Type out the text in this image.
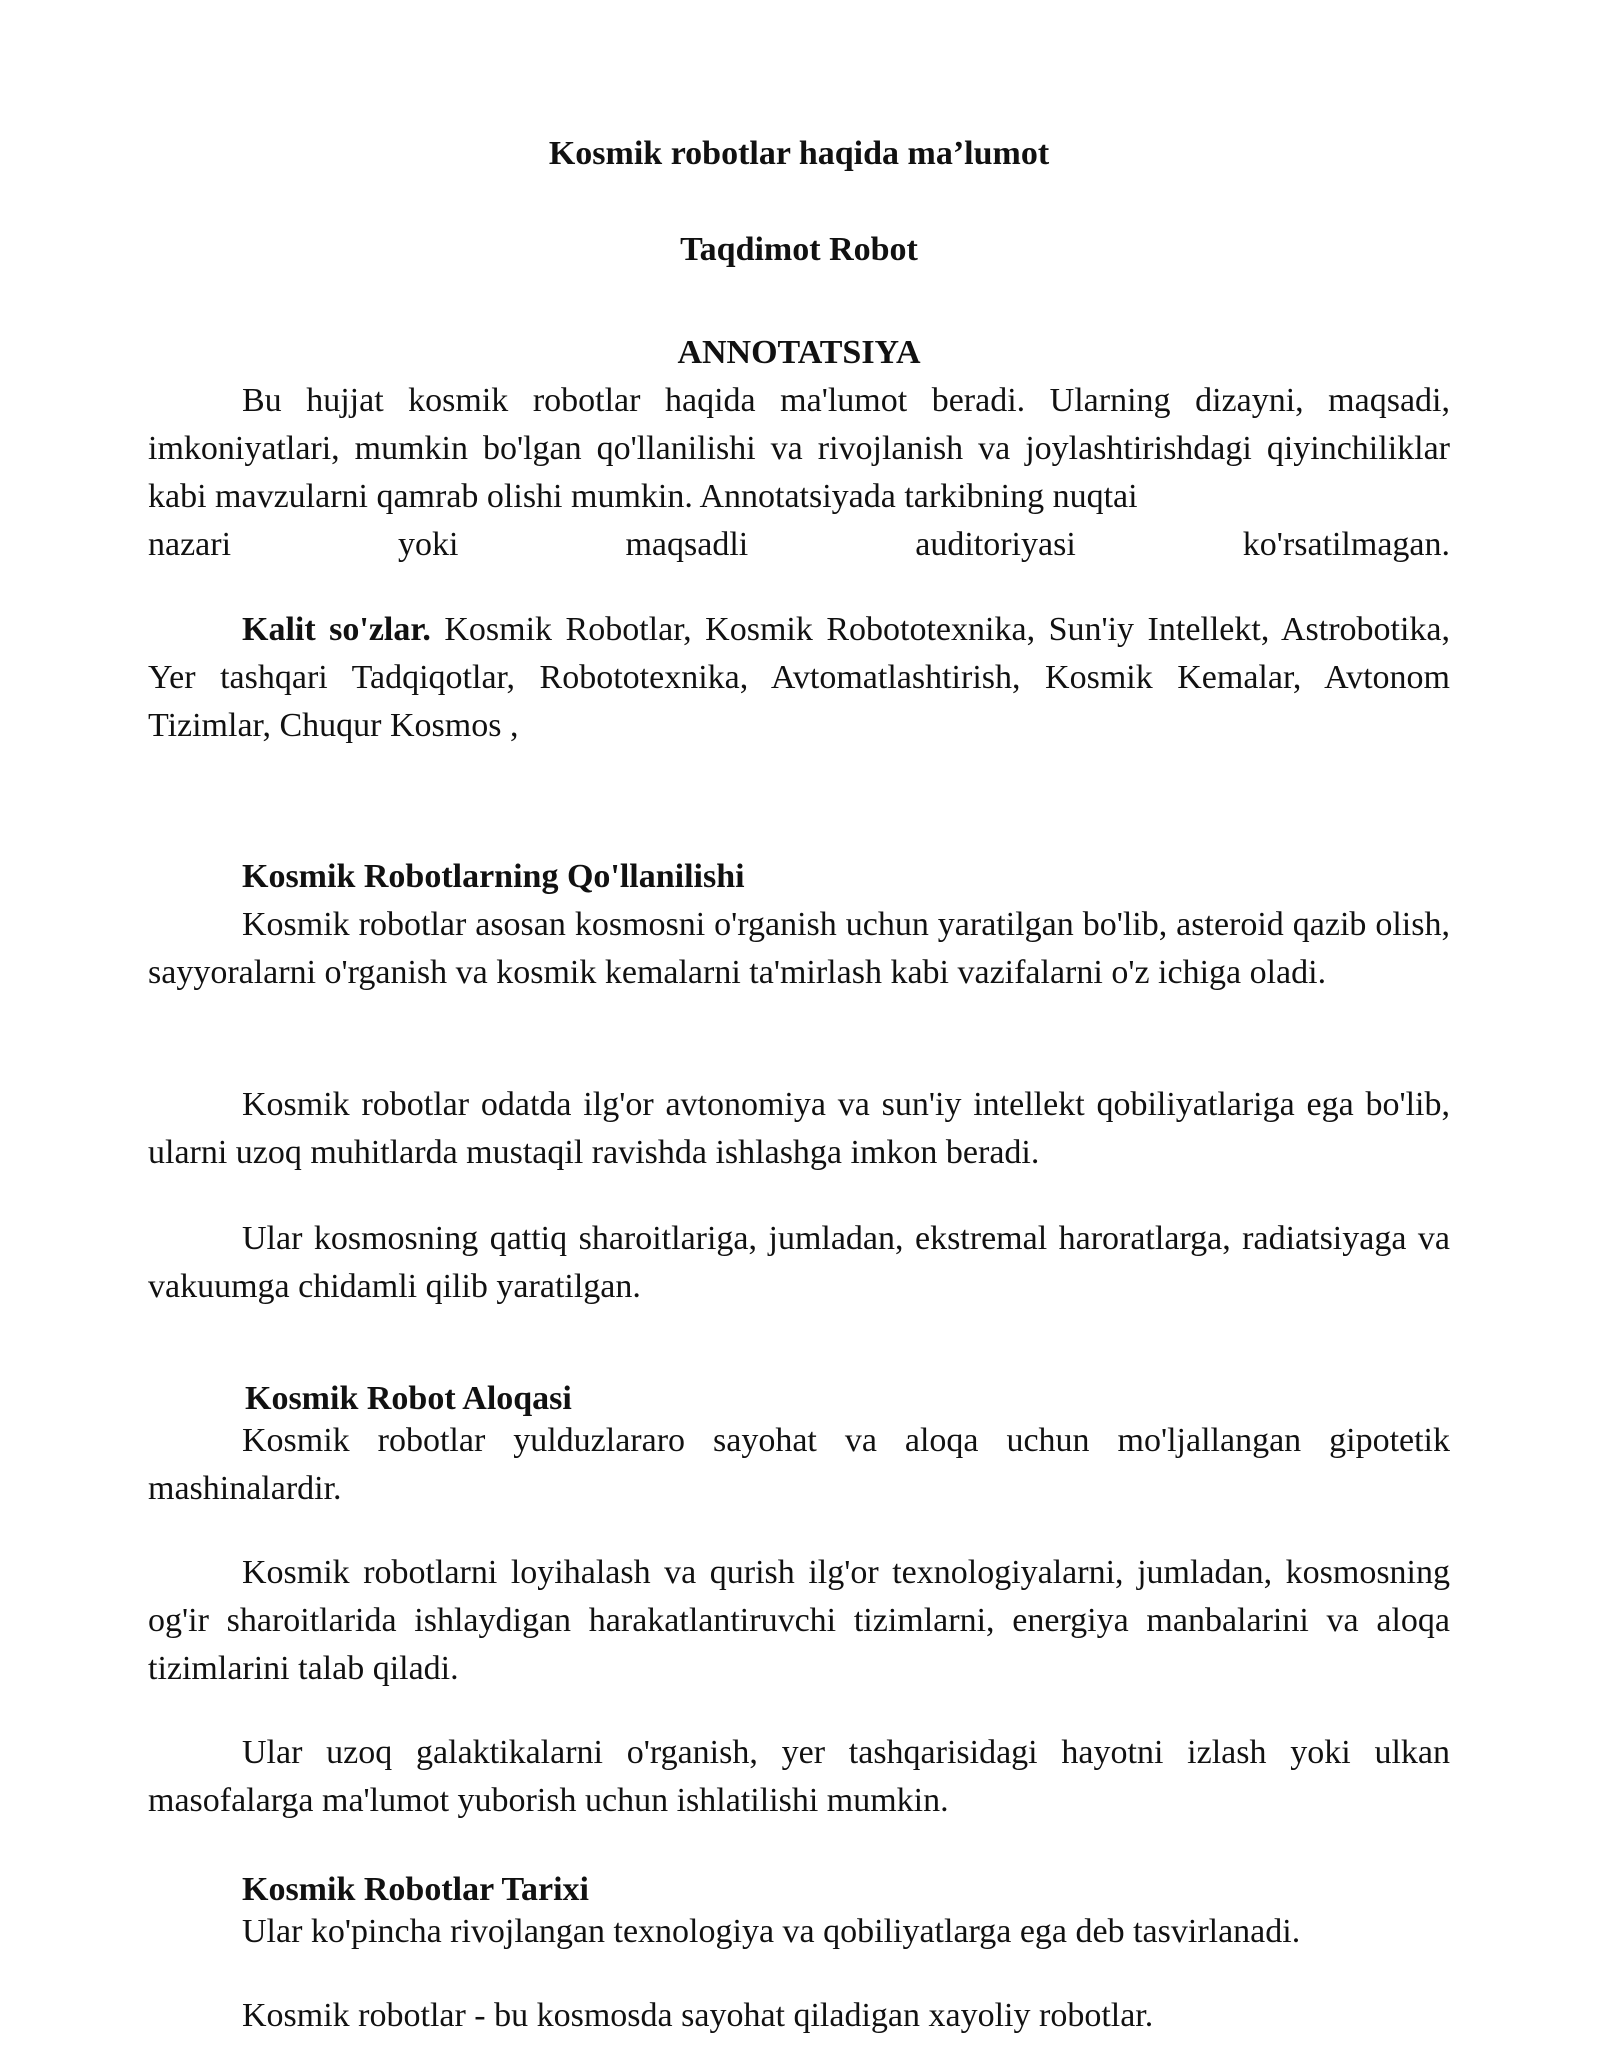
Kosmik robotlar haqida ma’lumot

Taqdimot Robot

ANNOTATSIYA

Bu hujjat kosmik robotlar haqida ma'lumot beradi. Ularning dizayni, maqsadi, imkoniyatlari, mumkin bo'lgan qo'llanilishi va rivojlanish va joylashtirishdagi qiyinchiliklar kabi mavzularni qamrab olishi mumkin. Annotatsiyada tarkibning nuqtai
nazari yoki maqsadli auditoriyasi ko'rsatilmagan.

Kalit so'zlar. Kosmik Robotlar, Kosmik Robototexnika, Sun'iy Intellekt, Astrobotika, Yer tashqari Tadqiqotlar, Robototexnika, Avtomatlashtirish, Kosmik Kemalar, Avtonom Tizimlar, Chuqur Kosmos ,

Kosmik Robotlarning Qo'llanilishi

Kosmik robotlar asosan kosmosni o'rganish uchun yaratilgan bo'lib, asteroid qazib olish, sayyoralarni o'rganish va kosmik kemalarni ta'mirlash kabi vazifalarni o'z ichiga oladi.

Kosmik robotlar odatda ilg'or avtonomiya va sun'iy intellekt qobiliyatlariga ega bo'lib, ularni uzoq muhitlarda mustaqil ravishda ishlashga imkon beradi.

Ular kosmosning qattiq sharoitlariga, jumladan, ekstremal haroratlarga, radiatsiyaga va vakuumga chidamli qilib yaratilgan.

Kosmik Robot Aloqasi

Kosmik robotlar yulduzlararo sayohat va aloqa uchun mo'ljallangan gipotetik mashinalardir.

Kosmik robotlarni loyihalash va qurish ilg'or texnologiyalarni, jumladan, kosmosning og'ir sharoitlarida ishlaydigan harakatlantiruvchi tizimlarni, energiya manbalarini va aloqa tizimlarini talab qiladi.

Ular uzoq galaktikalarni o'rganish, yer tashqarisidagi hayotni izlash yoki ulkan masofalarga ma'lumot yuborish uchun ishlatilishi mumkin.

Kosmik Robotlar Tarixi

Ular ko'pincha rivojlangan texnologiya va qobiliyatlarga ega deb tasvirlanadi.

Kosmik robotlar - bu kosmosda sayohat qiladigan xayoliy robotlar.
